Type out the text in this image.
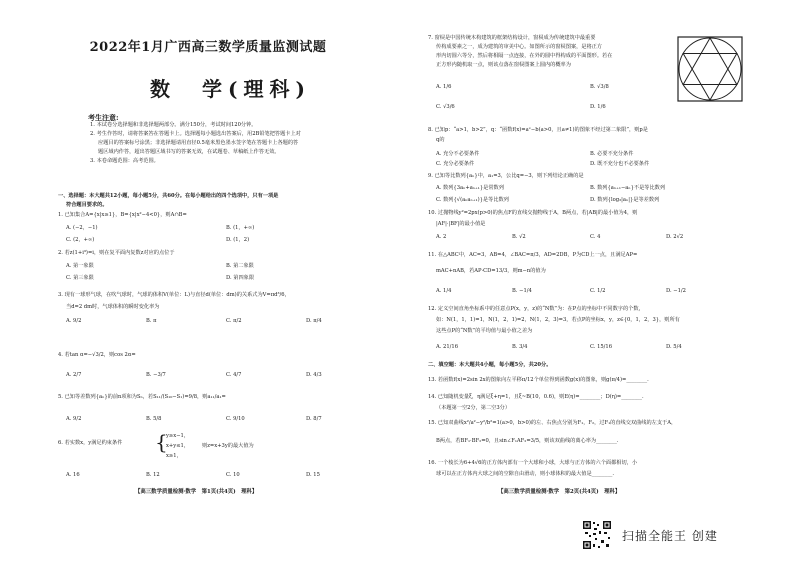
2022年1月广西高三数学质量监测试题
数　学(理科)
考生注意:
1. 本试卷分选择题和非选择题两部分。满分150分，考试时间120分钟。
2. 考生作答时，请将答案答在答题卡上。选择题每小题选出答案后，用2B铅笔把答题卡上对
应题目的答案标号涂黑；非选择题请用直径0.5毫米黑色墨水签字笔在答题卡上各题的答
题区域内作答，超出答题区域书写的答案无效，在试题卷、草稿纸上作答无效。
3. 本卷命题范围：高考范围。
一、选择题：本大题共12小题，每小题5分，共60分。在每小题给出的四个选项中，只有一项是
符合题目要求的。
1. 已知集合A={x|x≥1}，B={x|x²−4<0}，则A∩B=
A. (−2，−1)	B. (1，+∞)
C. (2，+∞)	D. (1，2)
2. 若z(1+i³)=i，则在复平面内复数z对应的点位于
A. 第一象限	B. 第二象限
C. 第三象限	D. 第四象限
3. 现有一球形气球，在吹气球时，气球的体积V(单位：L)与直径d(单位：dm)的关系式为V=πd³/6，
当d=2 dm时，气球体积的瞬时变化率为
A. 9/2	B. π	C. π/2	D. π/4
4. 若tan α=−√3/2，则cos 2α=
A. 2/7	B. −3/7	C. 4/7	D. 4/3
5. 已知等差数列{aₙ}的前n项和为Sₙ，若S₁₁/(S₁₀−S₁)=9/8，则a₁₁/a₁=
A. 9/2	B. 5/8	C. 9/10	D. 8/7
6. 若实数x，y满足约束条件 {
y≥x−1，
x+y≤1，
x≥1，
则z=x+3y的最大值为
A. 16	B. 12	C. 10	D. 15
【高三数学质量检测·数学　第1页(共4页)　理科】
7. 窗棂是中国传统木构建筑的框架结构设计，窗棂成为传统建筑中最重要
传构成要素之一，成为建筑的审美中心。如图所示的窗棂图案，是将正方
形内切圆六等分，然后将相隔一点连接，在外的圆中得构成的平面图形。若在
正方形内随机取一点，则该点落在窗棂图案上圆内的概率为
A. 1/6	B. √3/8
C. √3/6	D. 1/6
8. 已知p：“a>1，b>2”，q：“函数f(x)=aˣ−b(a>0，且a≠1)的图象不经过第二象限”，则p是
q的
A. 充分不必要条件	B. 必要不充分条件
C. 充分必要条件	D. 既不充分也不必要条件
9. 已知等比数列{aₙ}中，a₁=3，公比q=−3，则下列结论正确的是
A. 数列{3aₙ+aₙ₊₁}是常数列	B. 数列{aₙ₊₁−aₙ}不是等比数列
C. 数列{√(aₙaₙ₊₁)}是等比数列	D. 数列{log₃|aₙ|}是等差数列
10. 过抛物线y²=2px(p>0)的焦点F的直线交抛物线于A，B两点，若|AB|的最小值为4，则
|AF|·|BF|的最小值是
A. 2	B. √2	C. 4	D. 2√2
11. 在△ABC中，AC=3，AB=4，∠BAC=π/3，AD=2DB，P为CD上一点，且满足AP=
mAC+nAB，若AP·CD=13/3，则m−n的值为
A. 1/4	B. −1/4	C. 1/2	D. −1/2
12. 定义空间直角坐标系中的任意点P(x，y，z)的“N数”为：在P点的坐标中不同数字的个数，
如：N(1，1，1)=1，N(1，2，1)=2，N(1，2，3)=3，若点P的坐标x，y，z∈{0，1，2，3}，则所有
这些点P的“N数”的平均值与最小值之差为
A. 21/16	B. 3/4	C. 15/16	D. 5/4
二、填空题：本大题共4小题，每小题5分，共20分。
13. 若函数f(x)=2sin 2x的图象向左平移π/12个单位得到函数g(x)的图象，则g(π/4)=________.
14. 已知随机变量ξ，η满足ξ+η=1，且ξ~B(10，0.6)，则E(η)=________；D(η)=________.
（本题第一空2分，第二空3分）
15. 已知双曲线x²/a²−y²/b²=1(a>0，b>0)的左、右焦点分别为F₁，F₂，过F₁的直线交双曲线的左支于A，
B两点，若BF₁·BF₂=0，且sin∠F₁AF₂=3/5，则该双曲线的离心率为________.
16. 一个棱长为6+4√6的正方体内部有一个大球和小球，大球与正方体的六个面都相切，小
球可以在正方体内大球之间的空隙自由滑动，则小球体积的最大值是________.
【高三数学质量检测·数学　第2页(共4页)　理科】
扫描全能王 创建
